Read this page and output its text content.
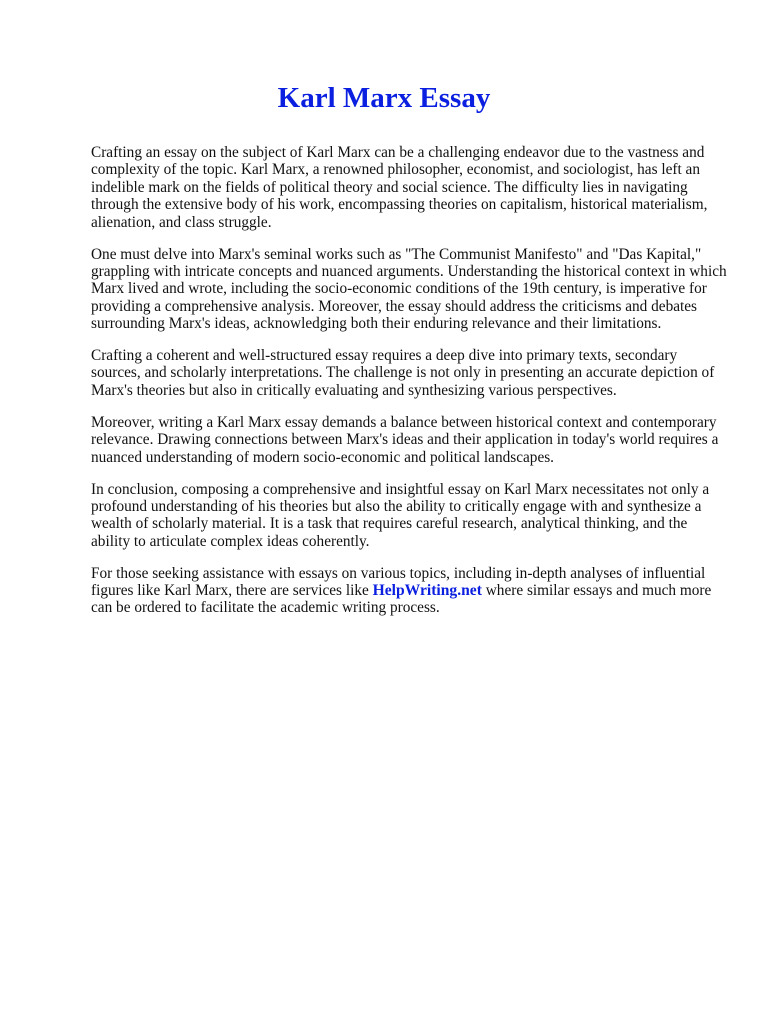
Karl Marx Essay

Crafting an essay on the subject of Karl Marx can be a challenging endeavor due to the vastness and complexity of the topic. Karl Marx, a renowned philosopher, economist, and sociologist, has left an indelible mark on the fields of political theory and social science. The difficulty lies in navigating through the extensive body of his work, encompassing theories on capitalism, historical materialism, alienation, and class struggle.

One must delve into Marx's seminal works such as "The Communist Manifesto" and "Das Kapital," grappling with intricate concepts and nuanced arguments. Understanding the historical context in which Marx lived and wrote, including the socio-economic conditions of the 19th century, is imperative for providing a comprehensive analysis. Moreover, the essay should address the criticisms and debates surrounding Marx's ideas, acknowledging both their enduring relevance and their limitations.

Crafting a coherent and well-structured essay requires a deep dive into primary texts, secondary sources, and scholarly interpretations. The challenge is not only in presenting an accurate depiction of Marx's theories but also in critically evaluating and synthesizing various perspectives.

Moreover, writing a Karl Marx essay demands a balance between historical context and contemporary relevance. Drawing connections between Marx's ideas and their application in today's world requires a nuanced understanding of modern socio-economic and political landscapes.

In conclusion, composing a comprehensive and insightful essay on Karl Marx necessitates not only a profound understanding of his theories but also the ability to critically engage with and synthesize a wealth of scholarly material. It is a task that requires careful research, analytical thinking, and the ability to articulate complex ideas coherently.

For those seeking assistance with essays on various topics, including in-depth analyses of influential figures like Karl Marx, there are services like HelpWriting.net where similar essays and much more can be ordered to facilitate the academic writing process.
